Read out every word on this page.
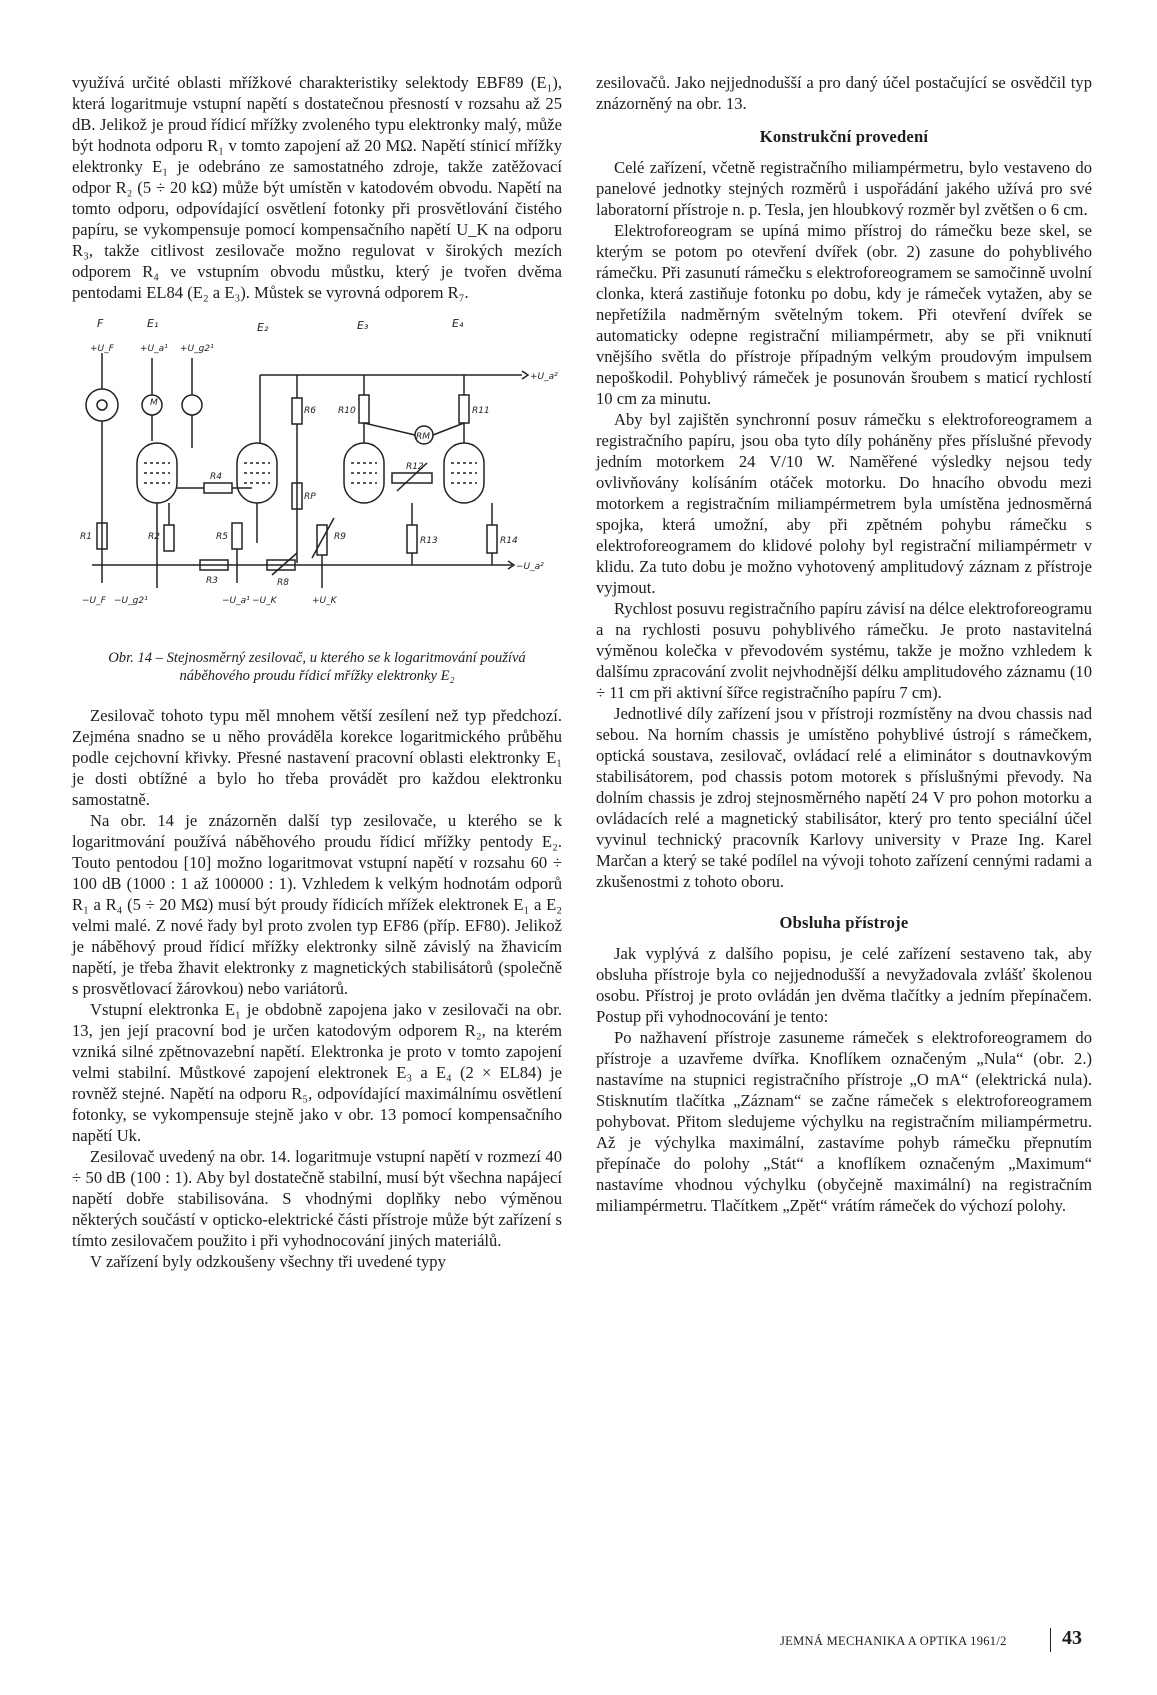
využívá určité oblasti mřížkové charakteristiky selektody EBF89 (E₁), která logaritmuje vstupní napětí s dostatečnou přesností v rozsahu až 25 dB. Jelikož je proud řídicí mřížky zvoleného typu elektronky malý, může být hodnota odporu R₁ v tomto zapojení až 20 MΩ. Napětí stínicí mřížky elektronky E₁ je odebráno ze samostatného zdroje, takže zatěžovací odpor R₂ (5 ÷ 20 kΩ) může být umístěn v katodovém obvodu. Napětí na tomto odporu, odpovídající osvětlení fotonky při prosvětlování čistého papíru, se vykompensuje pomocí kompensačního napětí U_K na odporu R₃, takže citlivost zesilovače možno regulovat v širokých mezích odporem R₄ ve vstupním obvodu můstku, který je tvořen dvěma pentodami EL84 (E₂ a E₃). Můstek se vyrovná odporem R₇.

F	E₁	E₂	E₃	E₄
+U_F	+U_a¹ +U_g2¹
+U_a²
−U_a²
M
RM
R1	R2
R3
R4
R5
R6
RP
R8
R9
R10	R11
R12
R13	R14
−U_F −U_g2¹	−U_a¹ −U_K	+U_K
Obr. 14 – Stejnosměrný zesilovač, u kterého se k logaritmování používá náběhového proudu řídicí mřížky elektronky E₂

Zesilovač tohoto typu měl mnohem větší zesílení než typ předchozí. Zejména snadno se u něho prováděla korekce logaritmického průběhu podle cejchovní křivky. Přesné nastavení pracovní oblasti elektronky E₁ je dosti obtížné a bylo ho třeba provádět pro každou elektronku samostatně.

Na obr. 14 je znázorněn další typ zesilovače, u kterého se k logaritmování používá náběhového proudu řídicí mřížky pentody E₂. Touto pentodou [10] možno logaritmovat vstupní napětí v rozsahu 60 ÷ 100 dB (1000 : 1 až 100000 : 1). Vzhledem k velkým hodnotám odporů R₁ a R₄ (5 ÷ 20 MΩ) musí být proudy řídicích mřížek elektronek E₁ a E₂ velmi malé. Z nové řady byl proto zvolen typ EF86 (příp. EF80). Jelikož je náběhový proud řídicí mřížky elektronky silně závislý na žhavicím napětí, je třeba žhavit elektronky z magnetických stabilisátorů (společně s prosvětlovací žárovkou) nebo variátorů.

Vstupní elektronka E₁ je obdobně zapojena jako v zesilovači na obr. 13, jen její pracovní bod je určen katodovým odporem R₂, na kterém vzniká silné zpětnovazební napětí. Elektronka je proto v tomto zapojení velmi stabilní. Můstkové zapojení elektronek E₃ a E₄ (2 × EL84) je rovněž stejné. Napětí na odporu R₅, odpovídající maximálnímu osvětlení fotonky, se vykompensuje stejně jako v obr. 13 pomocí kompensačního napětí Uk.

Zesilovač uvedený na obr. 14. logaritmuje vstupní napětí v rozmezí 40 ÷ 50 dB (100 : 1). Aby byl dostatečně stabilní, musí být všechna napájecí napětí dobře stabilisována. S vhodnými doplňky nebo výměnou některých součástí v opticko-elektrické části přístroje může být zařízení s tímto zesilovačem použito i při vyhodnocování jiných materiálů.

V zařízení byly odzkoušeny všechny tři uvedené typy

zesilovačů. Jako nejjednodušší a pro daný účel postačující se osvědčil typ znázorněný na obr. 13.

Konstrukční provedení

Celé zařízení, včetně registračního miliampérmetru, bylo vestaveno do panelové jednotky stejných rozměrů i uspořádání jakého užívá pro své laboratorní přístroje n. p. Tesla, jen hloubkový rozměr byl zvětšen o 6 cm.

Elektroforeogram se upíná mimo přístroj do rámečku beze skel, se kterým se potom po otevření dvířek (obr. 2) zasune do pohyblivého rámečku. Při zasunutí rámečku s elektroforeogramem se samočinně uvolní clonka, která zastiňuje fotonku po dobu, kdy je rámeček vytažen, aby se nepřetížila nadměrným světelným tokem. Při otevření dvířek se automaticky odepne registrační miliampérmetr, aby se při vniknutí vnějšího světla do přístroje případným velkým proudovým impulsem nepoškodil. Pohyblivý rámeček je posunován šroubem s maticí rychlostí 10 cm za minutu.

Aby byl zajištěn synchronní posuv rámečku s elektroforeogramem a registračního papíru, jsou oba tyto díly poháněny přes příslušné převody jedním motorkem 24 V/10 W. Naměřené výsledky nejsou tedy ovlivňovány kolísáním otáček motorku. Do hnacího obvodu mezi motorkem a registračním miliampérmetrem byla umístěna jednosměrná spojka, která umožní, aby při zpětném pohybu rámečku s elektroforeogramem do klidové polohy byl registrační miliampérmetr v klidu. Za tuto dobu je možno vyhotovený amplitudový záznam z přístroje vyjmout.

Rychlost posuvu registračního papíru závisí na délce elektroforeogramu a na rychlosti posuvu pohyblivého rámečku. Je proto nastavitelná výměnou kolečka v převodovém systému, takže je možno vzhledem k dalšímu zpracování zvolit nejvhodnější délku amplitudového záznamu (10 ÷ 11 cm při aktivní šířce registračního papíru 7 cm).

Jednotlivé díly zařízení jsou v přístroji rozmístěny na dvou chassis nad sebou. Na horním chassis je umístěno pohyblivé ústrojí s rámečkem, optická soustava, zesilovač, ovládací relé a eliminátor s doutnavkovým stabilisátorem, pod chassis potom motorek s příslušnými převody. Na dolním chassis je zdroj stejnosměrného napětí 24 V pro pohon motorku a ovládacích relé a magnetický stabilisátor, který pro tento speciální účel vyvinul technický pracovník Karlovy university v Praze Ing. Karel Marčan a který se také podílel na vývoji tohoto zařízení cennými radami a zkušenostmi z tohoto oboru.

Obsluha přístroje

Jak vyplývá z dalšího popisu, je celé zařízení sestaveno tak, aby obsluha přístroje byla co nejjednodušší a nevyžadovala zvlášť školenou osobu. Přístroj je proto ovládán jen dvěma tlačítky a jedním přepínačem. Postup při vyhodnocování je tento:

Po nažhavení přístroje zasuneme rámeček s elektroforeogramem do přístroje a uzavřeme dvířka. Knoflíkem označeným „Nula“ (obr. 2.) nastavíme na stupnici registračního přístroje „O mA“ (elektrická nula). Stisknutím tlačítka „Záznam“ se začne rámeček s elektroforeogramem pohybovat. Přitom sledujeme výchylku na registračním miliampérmetru. Až je výchylka maximální, zastavíme pohyb rámečku přepnutím přepínače do polohy „Stát“ a knoflíkem označeným „Maximum“ nastavíme vhodnou výchylku (obyčejně maximální) na registračním miliampérmetru. Tlačítkem „Zpět“ vrátím rámeček do výchozí polohy.

JEMNÁ MECHANIKA A OPTIKA 1961/2	43
